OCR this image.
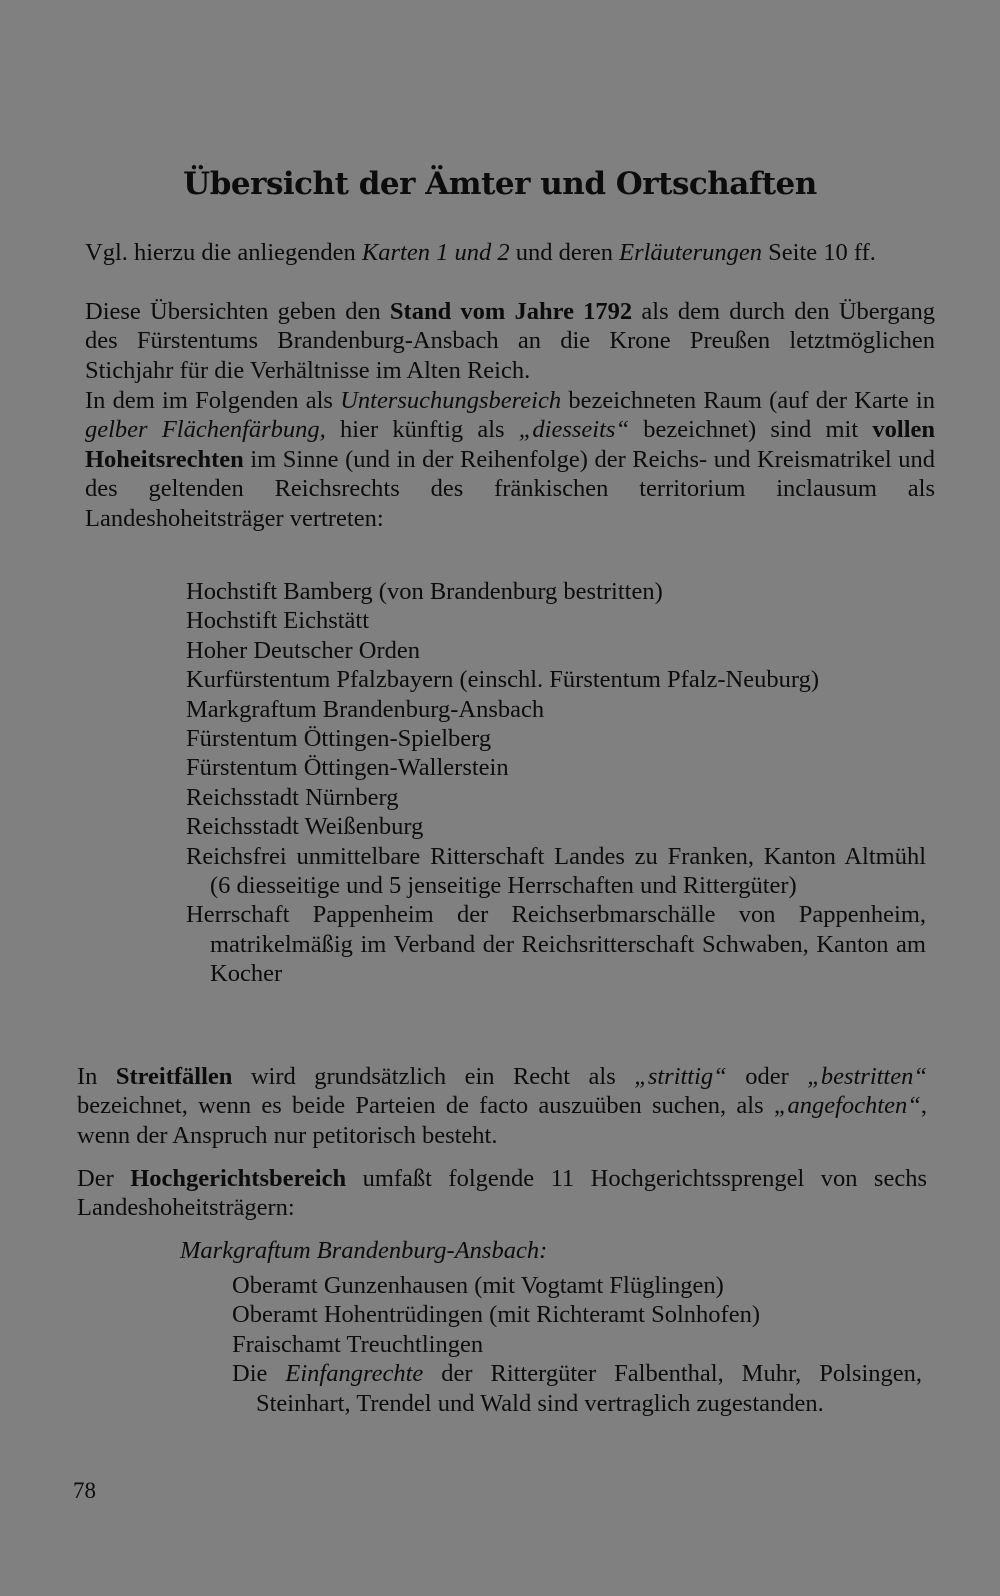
Übersicht der Ämter und Ortschaften

Vgl. hierzu die anliegenden Karten 1 und 2 und deren Erläuterungen Seite 10 ff.

Diese Übersichten geben den Stand vom Jahre 1792 als dem durch den Übergang des Fürstentums Brandenburg-Ansbach an die Krone Preußen letztmöglichen Stichjahr für die Verhältnisse im Alten Reich.

In dem im Folgenden als Untersuchungsbereich bezeichneten Raum (auf der Karte in gelber Flächenfärbung, hier künftig als „diesseits“ bezeichnet) sind mit vollen Hoheitsrechten im Sinne (und in der Reihenfolge) der Reichs- und Kreismatrikel und des geltenden Reichsrechts des fränkischen territorium inclausum als Landeshoheitsträger vertreten:

Hochstift Bamberg (von Brandenburg bestritten)
Hochstift Eichstätt
Hoher Deutscher Orden
Kurfürstentum Pfalzbayern (einschl. Fürstentum Pfalz-Neuburg)
Markgraftum Brandenburg-Ansbach
Fürstentum Öttingen-Spielberg
Fürstentum Öttingen-Wallerstein
Reichsstadt Nürnberg
Reichsstadt Weißenburg
Reichsfrei unmittelbare Ritterschaft Landes zu Franken, Kanton Altmühl (6 diesseitige und 5 jenseitige Herrschaften und Rittergüter)
Herrschaft Pappenheim der Reichserbmarschälle von Pappenheim, matrikelmäßig im Verband der Reichsritterschaft Schwaben, Kanton am Kocher

In Streitfällen wird grundsätzlich ein Recht als „strittig“ oder „bestritten“ bezeichnet, wenn es beide Parteien de facto auszuüben suchen, als „angefochten“, wenn der Anspruch nur petitorisch besteht.

Der Hochgerichtsbereich umfaßt folgende 11 Hochgerichtssprengel von sechs Landeshoheitsträgern:

Markgraftum Brandenburg-Ansbach:
Oberamt Gunzenhausen (mit Vogtamt Flüglingen)
Oberamt Hohentrüdingen (mit Richteramt Solnhofen)
Fraischamt Treuchtlingen
Die Einfangrechte der Rittergüter Falbenthal, Muhr, Polsingen, Steinhart, Trendel und Wald sind vertraglich zugestanden.
78
